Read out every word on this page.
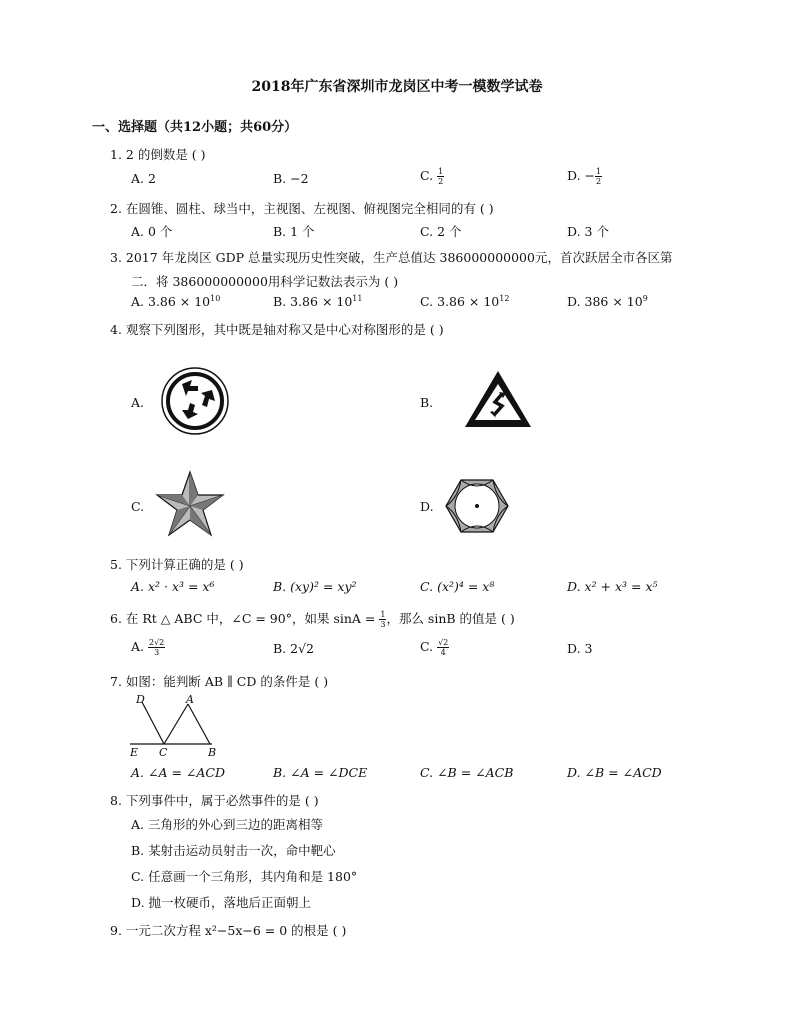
2018年广东省深圳市龙岗区中考一模数学试卷
一、选择题（共12小题；共60分）
1. 2 的倒数是 ( )
A. 2	B. −2	C. $\frac{1}{2}$	D. − $\frac{1}{2}$
2. 在圆锥、圆柱、球当中，主视图、左视图、俯视图完全相同的有 ( )
A. 0 个	B. 1 个	C. 2 个	D. 3 个
3. 2017 年龙岗区 GDP 总量实现历史性突破，生产总值达 386000000000元，首次跃居全市各区第
二．将 386000000000用科学记数法表示为 ( )
A. $3.86 \times 10^{10}$	B. $3.86 \times 10^{11}$	C. $3.86 \times 10^{12}$	D. $386 \times 10^9$
4. 观察下列图形，其中既是轴对称又是中心对称图形的是 ( )
A.	B.
C.	D.
5. 下列计算正确的是 ( )
A. x² · x³ = x⁶	B. (xy)² = xy²	C. (x²)⁴ = x⁸	D. x² + x³ = x⁵
6. 在 Rt △ ABC 中，∠C = 90°，如果 $\sin A = \frac{1}{3}$ ，那么 sinB 的值是 ( )
A. $\frac{2√2}{3}$	B. 2√2	C. $\frac{√2}{4}$	D. 3
7. 如图：能判断 AB ∥ CD 的条件是 ( )
D	A
E C	B
A. ∠A = ∠ACD	B. ∠A = ∠DCE	C. ∠B = ∠ACB	D. ∠B = ∠ACD
8. 下列事件中，属于必然事件的是 ( )
A. 三角形的外心到三边的距离相等
B. 某射击运动员射击一次，命中靶心
C. 任意画一个三角形，其内角和是 180°
D. 抛一枚硬币，落地后正面朝上
9. 一元二次方程 x²−5x−6 = 0 的根是 ( )
